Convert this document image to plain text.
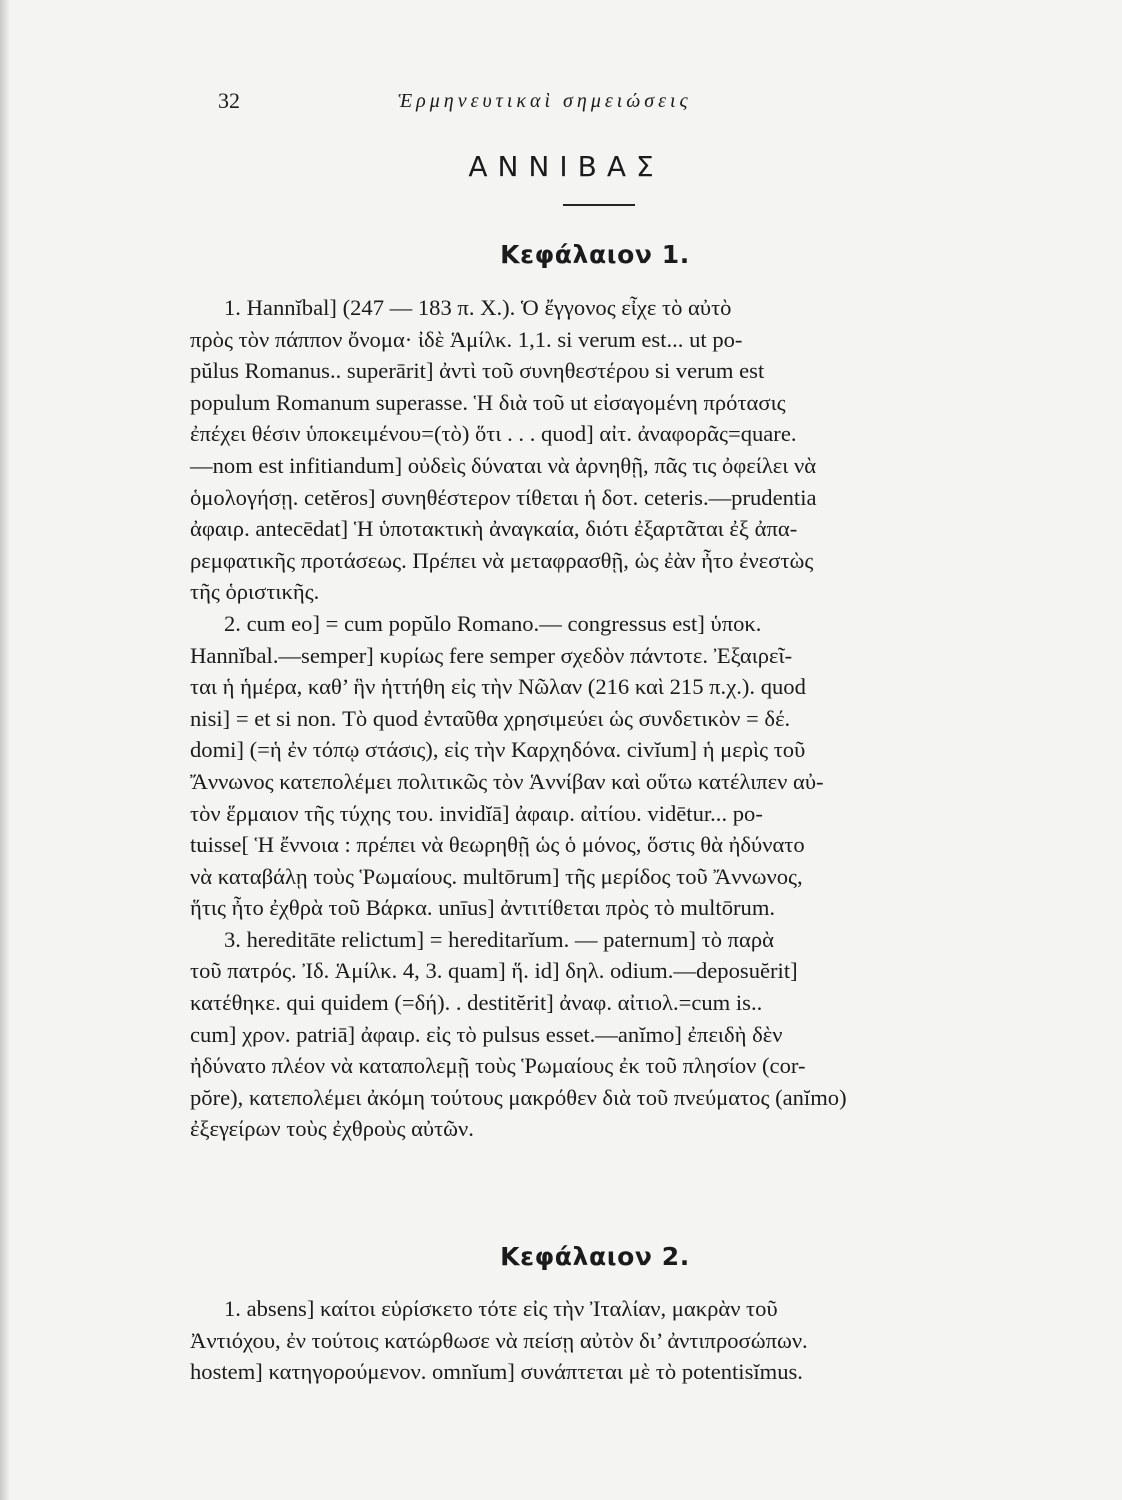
32	Ἑρμηνευτικαὶ σημειώσεις
ΑΝΝΙΒΑΣ
Κεφάλαιον 1.
1. Hannĭbal] (247 — 183 π. Χ.). Ὁ ἔγγονος εἶχε τὸ αὐτὸ
πρὸς τὸν πάππον ὄνομα· ἰδὲ Ἁμίλκ. 1,1. si verum est... ut po-
pŭlus Romanus.. superārit] ἀντὶ τοῦ συνηθεστέρου si verum est
populum Romanum superasse. Ἡ διὰ τοῦ ut εἰσαγομένη πρότασις
ἐπέχει θέσιν ὑποκειμένου=(τὸ) ὅτι . . . quod] αἰτ. ἀναφορᾶς=quare.
—nom est infitiandum] οὐδεὶς δύναται νὰ ἀρνηθῇ, πᾶς τις ὀφείλει νὰ
ὁμολογήσῃ. cetĕros] συνηθέστερον τίθεται ἡ δοτ. ceteris.—prudentia
ἀφαιρ. antecēdat] Ἡ ὑποτακτικὴ ἀναγκαία, διότι ἐξαρτᾶται ἐξ ἀπα-
ρεμφατικῆς προτάσεως. Πρέπει νὰ μεταφρασθῇ, ὡς ἐὰν ἦτο ἐνεστὼς
τῆς ὁριστικῆς.
2. cum eo] = cum popŭlo Romano.— congressus est] ὑποκ.
Hannĭbal.—semper] κυρίως fere semper σχεδὸν πάντοτε. Ἐξαιρεῖ-
ται ἡ ἡμέρα, καθ’ ἣν ἡττήθη εἰς τὴν Νῶλαν (216 καὶ 215 π.χ.). quod
nisi] = et si non. Τὸ quod ἐνταῦθα χρησιμεύει ὡς συνδετικὸν = δέ.
domi] (=ἡ ἐν τόπῳ στάσις), εἰς τὴν Καρχηδόνα. civĭum] ἡ μερὶς τοῦ
Ἄννωνος κατεπολέμει πολιτικῶς τὸν Ἁννίβαν καὶ οὕτω κατέλιπεν αὐ-
τὸν ἕρμαιον τῆς τύχης του. invidĭā] ἀφαιρ. αἰτίου. vidētur... po-
tuisse[ Ἡ ἔννοια : πρέπει νὰ θεωρηθῇ ὡς ὁ μόνος, ὅστις θὰ ἠδύνατο
νὰ καταβάλῃ τοὺς Ῥωμαίους. multōrum] τῆς μερίδος τοῦ Ἄννωνος,
ἥτις ἦτο ἐχθρὰ τοῦ Βάρκα. unīus] ἀντιτίθεται πρὸς τὸ multōrum.
3. hereditāte relictum] = hereditarĭum. — paternum] τὸ παρὰ
τοῦ πατρός. Ἰδ. Ἁμίλκ. 4, 3. quam] ἥ. id] δηλ. odium.—deposuĕrit]
κατέθηκε. qui quidem (=δή). . destitĕrit] ἀναφ. αἰτιολ.=cum is..
cum] χρον. patriā] ἀφαιρ. εἰς τὸ pulsus esset.—anĭmo] ἐπειδὴ δὲν
ἠδύνατο πλέον νὰ καταπολεμῇ τοὺς Ῥωμαίους ἐκ τοῦ πλησίον (cor-
pŏre), κατεπολέμει ἀκόμη τούτους μακρόθεν διὰ τοῦ πνεύματος (anĭmo)
ἐξεγείρων τοὺς ἐχθροὺς αὐτῶν.
Κεφάλαιον 2.
1. absens] καίτοι εὑρίσκετο τότε εἰς τὴν Ἰταλίαν, μακρὰν τοῦ
Ἀντιόχου, ἐν τούτοις κατώρθωσε νὰ πείσῃ αὐτὸν δι’ ἀντιπροσώπων.
hostem] κατηγορούμενον. omnĭum] συνάπτεται μὲ τὸ potentisĭmus.
